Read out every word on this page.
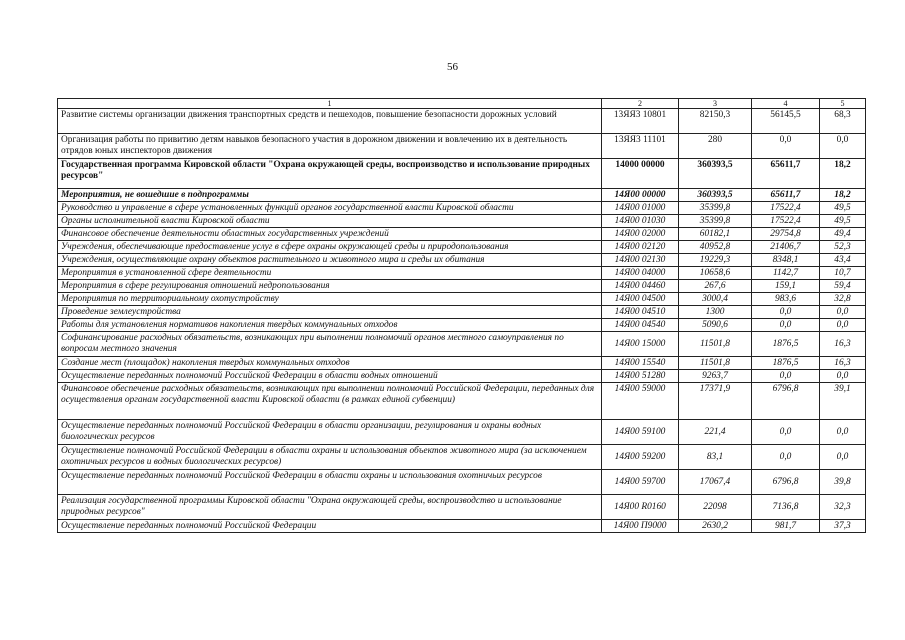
56
1	2	3	4	5
Развитие системы организации движения транспортных средств и пешеходов, повышение безопасности дорожных условий	13ЯЯ3 10801	82150,3	56145,5	68,3
Организация работы по привитию детям навыков безопасного участия в дорожном движении и вовлечению их в деятельность отрядов юных инспекторов движения	13ЯЯ3 11101	280	0,0	0,0
Государственная программа Кировской области "Охрана окружающей среды, воспроизводство и использование природных ресурсов"	14000 00000	360393,5	65611,7	18,2
Мероприятия, не вошедшие в подпрограммы	14Я00 00000	360393,5	65611,7	18,2
Руководство и управление в сфере установленных функций органов государственной власти Кировской области	14Я00 01000	35399,8	17522,4	49,5
Органы исполнительной власти Кировской области	14Я00 01030	35399,8	17522,4	49,5
Финансовое обеспечение деятельности областных государственных учреждений	14Я00 02000	60182,1	29754,8	49,4
Учреждения, обеспечивающие предоставление услуг в сфере охраны окружающей среды и природопользования	14Я00 02120	40952,8	21406,7	52,3
Учреждения, осуществляющие охрану объектов растительного и животного мира и среды их обитания	14Я00 02130	19229,3	8348,1	43,4
Мероприятия в установленной сфере деятельности	14Я00 04000	10658,6	1142,7	10,7
Мероприятия в сфере регулирования отношений недропользования	14Я00 04460	267,6	159,1	59,4
Мероприятия по территориальному охотустройству	14Я00 04500	3000,4	983,6	32,8
Проведение землеустройства	14Я00 04510	1300	0,0	0,0
Работы для установления нормативов накопления твердых коммунальных отходов	14Я00 04540	5090,6	0,0	0,0
Софинансирование расходных обязательств, возникающих при выполнении полномочий органов местного самоуправления по вопросам местного значения	14Я00 15000	11501,8	1876,5	16,3
Создание мест (площадок) накопления твердых коммунальных отходов	14Я00 15540	11501,8	1876,5	16,3
Осуществление переданных полномочий Российской Федерации в области водных отношений	14Я00 51280	9263,7	0,0	0,0
Финансовое обеспечение расходных обязательств, возникающих при выполнении полномочий Российской Федерации, переданных для осуществления органам государственной власти Кировской области (в рамках единой субвенции)	14Я00 59000	17371,9	6796,8	39,1
Осуществление переданных полномочий Российской Федерации в области организации, регулирования и охраны водных биологических ресурсов	14Я00 59100	221,4	0,0	0,0
Осуществление полномочий Российской Федерации в области охраны и использования объектов животного мира (за исключением охотничьих ресурсов и водных биологических ресурсов)	14Я00 59200	83,1	0,0	0,0
Осуществление переданных полномочий Российской Федерации в области охраны и использования охотничьих ресурсов	14Я00 59700	17067,4	6796,8	39,8
Реализация государственной программы Кировской области "Охрана окружающей среды, воспроизводство и использование природных ресурсов"	14Я00 R0160	22098	7136,8	32,3
Осуществление переданных полномочий Российской Федерации	14Я00 П9000	2630,2	981,7	37,3
